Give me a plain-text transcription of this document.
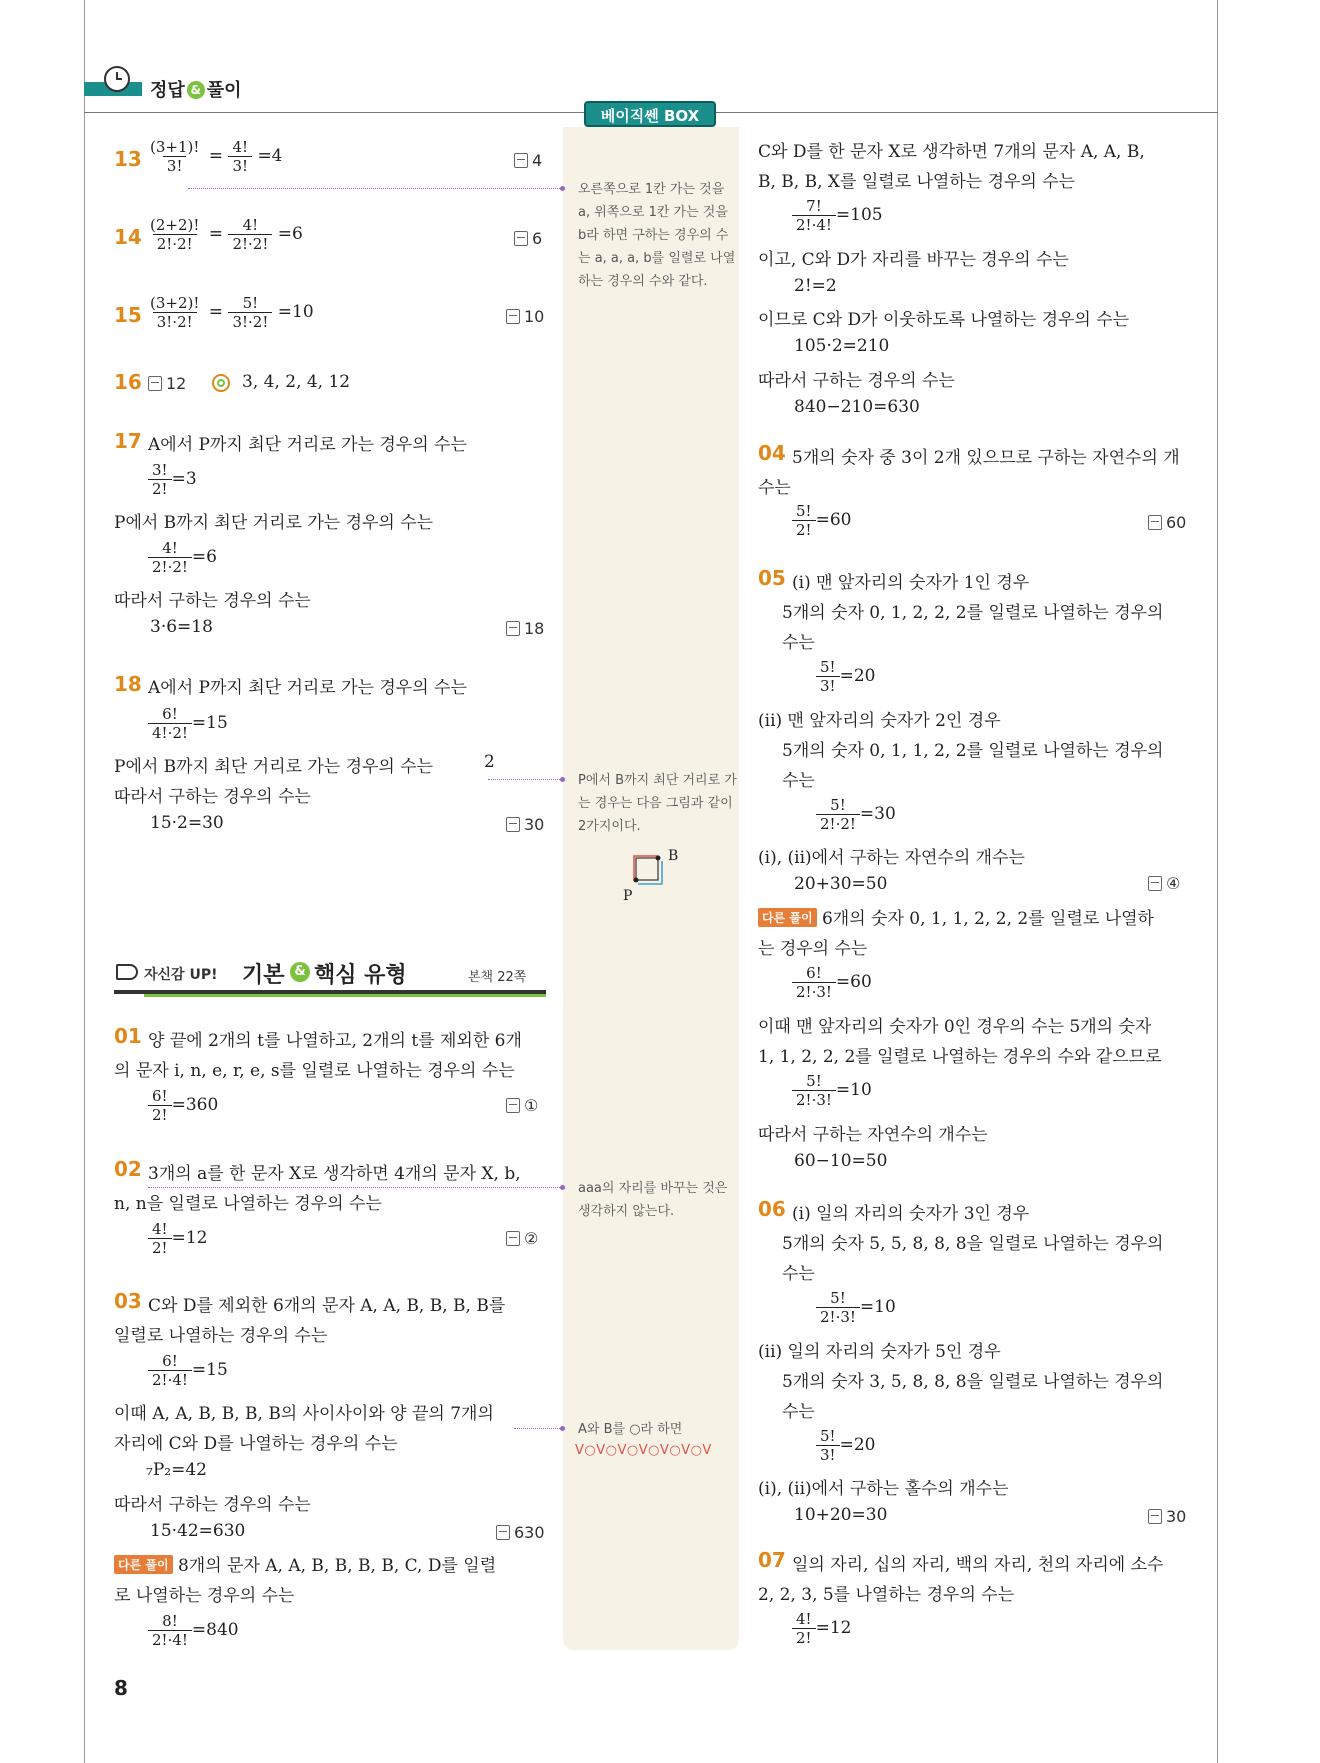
정답 & 풀이
베이직쎈 BOX
$13 \frac{(3+1)!}{3!} = \frac{4!}{3!} =4$	4
$14 \frac{(2+2)!}{2!\cdot 2!} = \frac{4!}{2!\cdot 2!} =6$	6
$15 \frac{(3+2)!}{3!\cdot 2!} = \frac{5!}{3!\cdot 2!} =10$	10
16	12	3, 4, 2, 4, 12
17 A에서 P까지 최단 거리로 가는 경우의 수는
$\frac{3!}{2!} =3$
P에서 B까지 최단 거리로 가는 경우의 수는
$\frac{4!}{2!\cdot 2!} =6$
따라서 구하는 경우의 수는
3·6=18	18
18 A에서 P까지 최단 거리로 가는 경우의 수는
$\frac{6!}{4!\cdot 2!} =15$
P에서 B까지 최단 거리로 가는 경우의 수는	2
따라서 구하는 경우의 수는
15·2=30	30
자신감 UP! 기본 & 핵심 유형	본책 22쪽
01 양 끝에 2개의 t를 나열하고, 2개의 t를 제외한 6개
의 문자 i, n, e, r, e, s를 일렬로 나열하는 경우의 수는
$\frac{6!}{2!} =360$	①
02 3개의 a를 한 문자 X로 생각하면 4개의 문자 X, b,
n, n을 일렬로 나열하는 경우의 수는
$\frac{4!}{2!} =12$	②
03 C와 D를 제외한 6개의 문자 A, A, B, B, B, B를
일렬로 나열하는 경우의 수는
$\frac{6!}{2!\cdot 4!} =15$
이때 A, A, B, B, B, B의 사이사이와 양 끝의 7개의
자리에 C와 D를 나열하는 경우의 수는
₇P₂=42
따라서 구하는 경우의 수는
15·42=630	630
다른 풀이 8개의 문자 A, A, B, B, B, B, C, D를 일렬
로 나열하는 경우의 수는
$\frac{8!}{2!\cdot 4!} =840$
8
오른쪽으로 1칸 가는 것을 a, 위쪽으로 1칸 가는 것을 b라 하면 구하는 경우의 수는 a, a, a, b를 일렬로 나열하는 경우의 수와 같다.
P에서 B까지 최단 거리로 가는 경우는 다음 그림과 같이 2가지이다.
B
P
aaa의 자리를 바꾸는 것은 생각하지 않는다.
A와 B를 ○라 하면
V○V○V○V○V○V○V
C와 D를 한 문자 X로 생각하면 7개의 문자 A, A, B,
B, B, B, X를 일렬로 나열하는 경우의 수는
$\frac{7!}{2!\cdot 4!} =105$
이고, C와 D가 자리를 바꾸는 경우의 수는
2!=2
이므로 C와 D가 이웃하도록 나열하는 경우의 수는
105·2=210
따라서 구하는 경우의 수는
840−210=630
04 5개의 숫자 중 3이 2개 있으므로 구하는 자연수의 개
수는
$\frac{5!}{2!} =60$	60
05 (i) 맨 앞자리의 숫자가 1인 경우
5개의 숫자 0, 1, 2, 2, 2를 일렬로 나열하는 경우의
수는
$\frac{5!}{3!} =20$
(ii) 맨 앞자리의 숫자가 2인 경우
5개의 숫자 0, 1, 1, 2, 2를 일렬로 나열하는 경우의
수는
$\frac{5!}{2!\cdot 2!} =30$
(i), (ii)에서 구하는 자연수의 개수는
20+30=50	④
다른 풀이 6개의 숫자 0, 1, 1, 2, 2, 2를 일렬로 나열하
는 경우의 수는
$\frac{6!}{2!\cdot 3!} =60$
이때 맨 앞자리의 숫자가 0인 경우의 수는 5개의 숫자
1, 1, 2, 2, 2를 일렬로 나열하는 경우의 수와 같으므로
$\frac{5!}{2!\cdot 3!} =10$
따라서 구하는 자연수의 개수는
60−10=50
06 (i) 일의 자리의 숫자가 3인 경우
5개의 숫자 5, 5, 8, 8, 8을 일렬로 나열하는 경우의
수는
$\frac{5!}{2!\cdot 3!} =10$
(ii) 일의 자리의 숫자가 5인 경우
5개의 숫자 3, 5, 8, 8, 8을 일렬로 나열하는 경우의
수는
$\frac{5!}{3!} =20$
(i), (ii)에서 구하는 홀수의 개수는
10+20=30	30
07 일의 자리, 십의 자리, 백의 자리, 천의 자리에 소수
2, 2, 3, 5를 나열하는 경우의 수는
$\frac{4!}{2!} =12$
